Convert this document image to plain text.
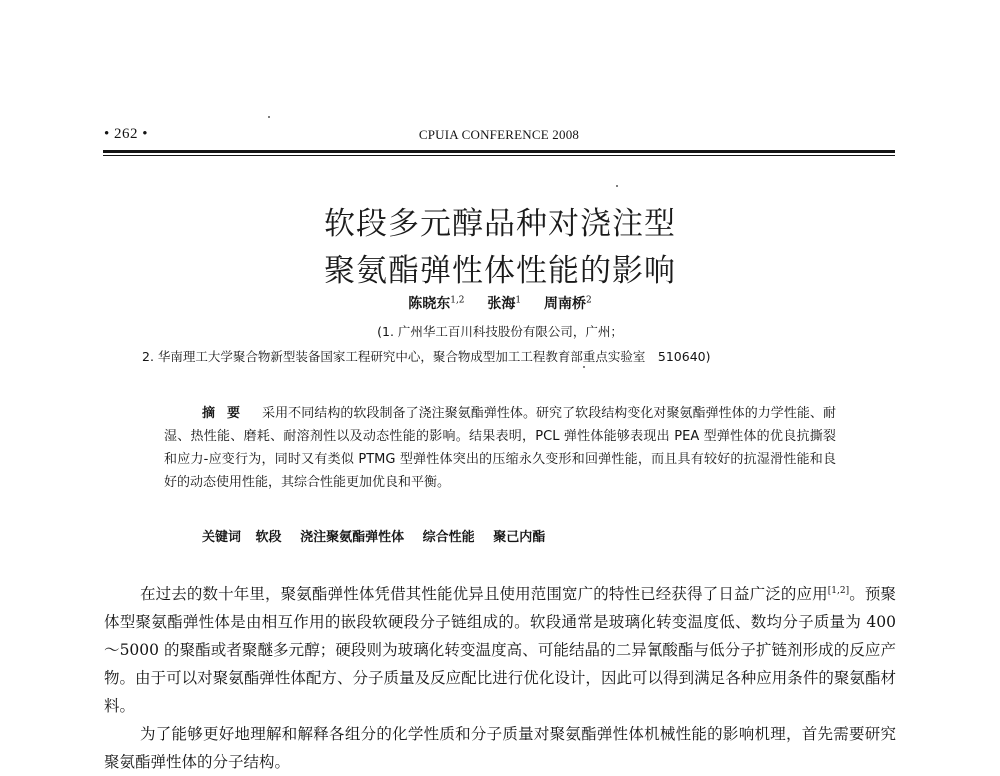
• 262 •	CPUIA CONFERENCE 2008
软段多元醇品种对浇注型
聚氨酯弹性体性能的影响
陈晓东$^{1,2}$ 张海$^1$ 周南桥$^2$
(1. 广州华工百川科技股份有限公司，广州；
2. 华南理工大学聚合物新型装备国家工程研究中心，聚合物成型加工工程教育部重点实验室　510640)
摘要 采用不同结构的软段制备了浇注聚氨酯弹性体。研究了软段结构变化对聚氨酯弹性体的力学性能、耐湿、热性能、磨耗、耐溶剂性以及动态性能的影响。结果表明，PCL 弹性体能够表现出 PEA 型弹性体的优良抗撕裂和应力-应变行为，同时又有类似 PTMG 型弹性体突出的压缩永久变形和回弹性能，而且具有较好的抗湿滑性能和良好的动态使用性能，其综合性能更加优良和平衡。
关键词 软段 浇注聚氨酯弹性体 综合性能 聚己内酯

在过去的数十年里，聚氨酯弹性体凭借其性能优异且使用范围宽广的特性已经获得了日益广泛的应用[1,2]。预聚体型聚氨酯弹性体是由相互作用的嵌段软硬段分子链组成的。软段通常是玻璃化转变温度低、数均分子质量为 400～5000 的聚酯或者聚醚多元醇；硬段则为玻璃化转变温度高、可能结晶的二异氰酸酯与低分子扩链剂形成的反应产物。由于可以对聚氨酯弹性体配方、分子质量及反应配比进行优化设计，因此可以得到满足各种应用条件的聚氨酯材料。

为了能够更好地理解和解释各组分的化学性质和分子质量对聚氨酯弹性体机械性能的影响机理，首先需要研究聚氨酯弹性体的分子结构。
